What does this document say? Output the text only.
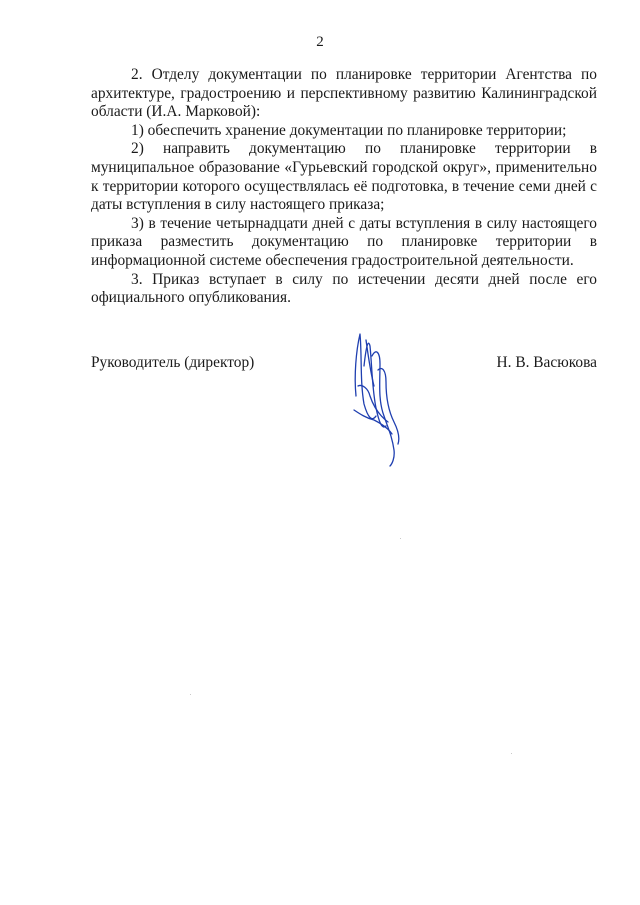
2

2. Отделу документации по планировке территории Агентства по архитектуре, градостроению и перспективному развитию Калининградской области (И.А. Марковой):

1) обеспечить хранение документации по планировке территории;

2) направить документацию по планировке территории в муниципальное образование «Гурьевский городской округ», применительно к территории которого осуществлялась её подготовка, в течение семи дней с даты вступления в силу настоящего приказа;

3) в течение четырнадцати дней с даты вступления в силу настоящего приказа разместить документацию по планировке территории в информационной системе обеспечения градостроительной деятельности.

3. Приказ вступает в силу по истечении десяти дней после его официального опубликования.

Руководитель (директор)	Н. В. Васюкова
